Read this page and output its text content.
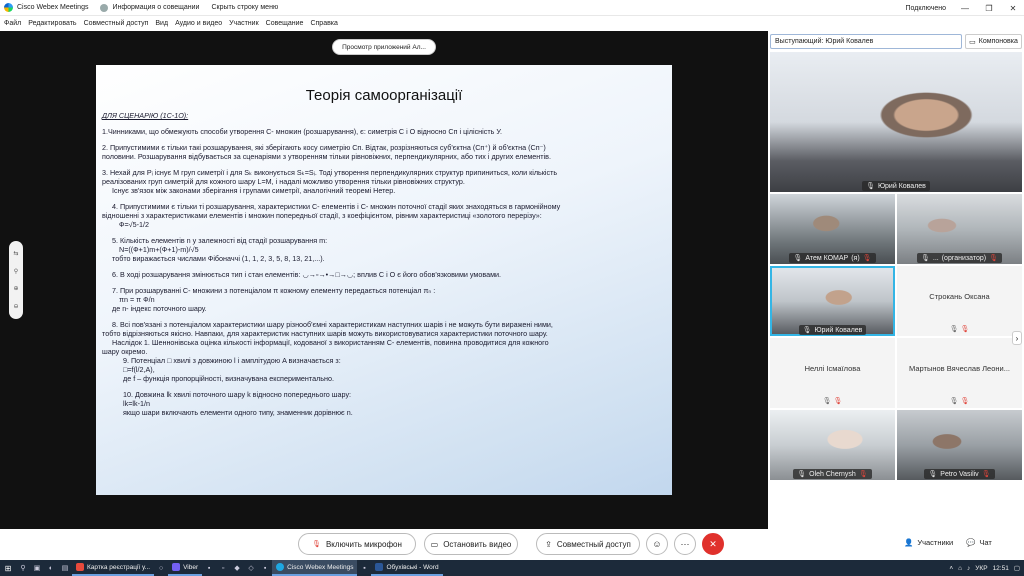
Cisco Webex Meetings	Информация о совещании Скрыть строку меню	Подключено — ❐ ✕
Файл Редактировать Совместный доступ Вид Аудио и видео Участник Совещание Справка
Просмотр приложений Ал...
⇆
⚲
⊕
⊖
Теорія самоорганізації

ДЛЯ СЦЕНАРІЮ (1С-1О):

1.Чинниками, що обмежують способи утворення С- множин (розшарування), є: симетрія С і О відносно Сп і цілісність У.

2. Припустимими є тільки такі розшарування, які зберігають косу симетрію Сп. Відтак, розрізняються суб'єктна (Сп⁺) й об'єктна (Сп⁻)

половини. Розшарування відбувається за сценаріями з утворенням тільки рівновіжних, перпендикулярних, або тих і других елементів.

3. Нехай для Pᵢ існує M груп симетрії і для Sₖ виконується Sₖ=Sᵢ. Тоді утворення перпендикулярних структур припиниться, коли кількість

реалізованих груп симетрій для кожного шару L=M, і надалі можливо утворення тільки рівновіжних структур.

Існує зв'язок між законами зберігання і групами симетрії, аналогічний теоремі Нетер.

4. Припустимими є тільки ті розшарування, характеристики С- елементів і С- множин поточної стадії яких знаходяться в гармонійному

відношенні з характеристиками елементів і множин попередньої стадії, з коефіцієнтом, рівним характеристиці «золотого перерізу»:

Ф=√5-1/2

5. Кількість елементів n у залежності від стадії розшарування m:

N=((Ф+1)m+(Ф+1)-m)/√5

тобто виражається числами Фібоначчі (1, 1, 2, 3, 5, 8, 13, 21,...).

6. В ході розшарування змінюється тип і стан елементів: ◡→▫→•→□→◡; вплив С і О є його обов'язковими умовами.

7. При розшаруванні С- множини з потенціалом π кожному елементу передається потенціал πₙ :

πn = π Ф/n

де n- індекс поточного шару.

8. Всі пов'язані з потенціалом характеристики шару різнооб'ємні характеристикам наступних шарів і не можуть бути виражені ними,

тобто відрізняються якісно. Навпаки, для характеристик наступних шарів можуть використовуватися характеристики поточного шару.

Наслідок 1. Шеннонівська оцінка кількості інформації, кодованої з використанням С- елементів, повинна проводитися для кожного

шару окремо.

9. Потенціал □ хвилі з довжиною l і амплітудою A визначається з:

□=f(l/2,A),

де f – функція пропорційності, визначувана експериментально.

10. Довжина lk хвилі поточного шару k відносно попереднього шару:

lk=lk-1/n

якщо шари включають елементи одного типу, знаменник дорівнює n.

Выступающий: Юрий Ковалев	▭ Компоновка
🎙 Юрий Ковалев
🎙 Атем КОМАР (я) 🎙	🎙 ... (организатор) 🎙
🎙 Юрий Ковалев
Строкань Оксана
🎙 🎙
Неллі Ісмаїлова
🎙 🎙
Мартынов Вячеслав Леони...
🎙 🎙
🎙 Oleh Chernysh 🎙	🎙 Petro Vasiliv 🎙
›
🎙 Включить микрофон	▭ Остановить видео	⇪ Совместный доступ	☺	···	✕	👤 Участники 💬 Чат
⊞	⚲	▣	◐	▤	Картка реєстрації у...	○	Viber	▪	▫	◆	◇	▪	Cisco Webex Meetings	▪	Обухівські - Word	˄ ⌂ ♪ УКР 12:51 ▢
